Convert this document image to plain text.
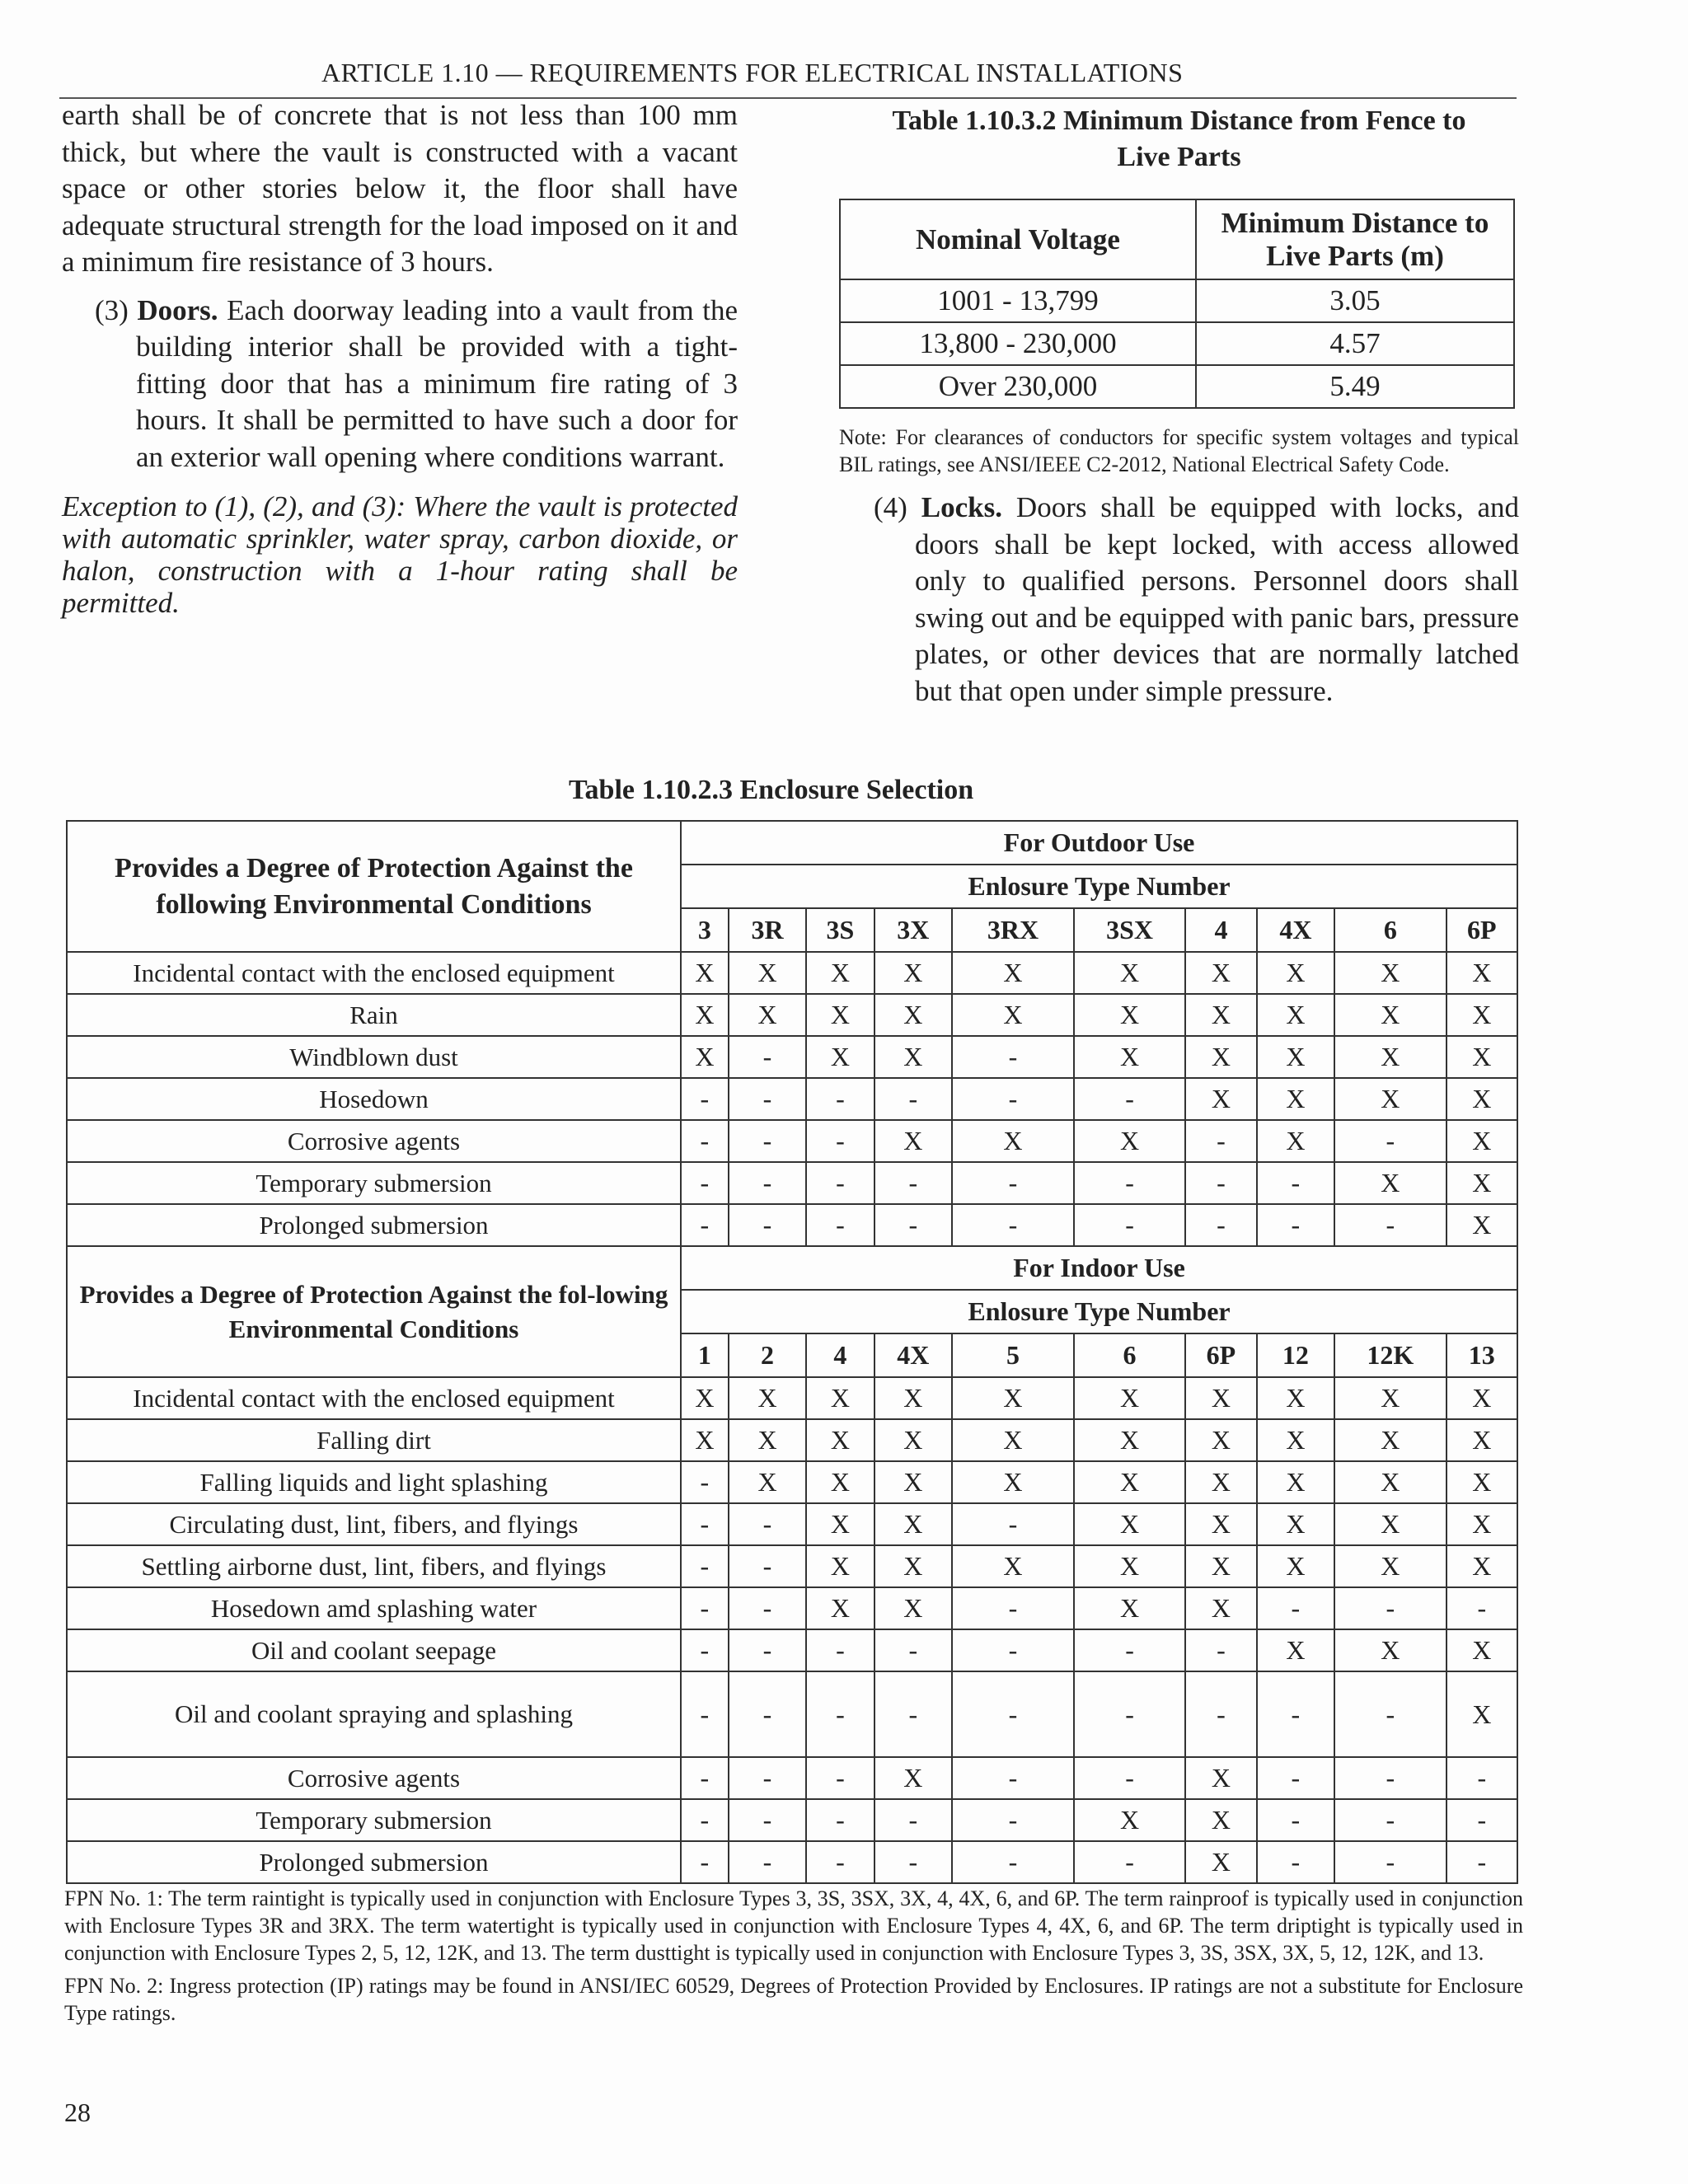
ARTICLE 1.10 — REQUIREMENTS FOR ELECTRICAL INSTALLATIONS

earth shall be of concrete that is not less than 100 mm thick, but where the vault is constructed with a vacant space or other stories below it, the floor shall have adequate structural strength for the load imposed on it and a minimum fire resistance of 3 hours.

(3) Doors. Each doorway leading into a vault from the building interior shall be provided with a tight-fitting door that has a minimum fire rating of 3 hours. It shall be permitted to have such a door for an exterior wall opening where conditions warrant.

Exception to (1), (2), and (3): Where the vault is protected with automatic sprinkler, water spray, carbon dioxide, or halon, construction with a 1-hour rating shall be permitted.

Table 1.10.3.2 Minimum Distance from Fence to
Live Parts
Nominal Voltage	Minimum Distance to Live Parts (m)
1001 - 13,799	3.05
13,800 - 230,000	4.57
Over 230,000	5.49
Note: For clearances of conductors for specific system voltages and typical BIL ratings, see ANSI/IEEE C2-2012, National Electrical Safety Code.
(4) Locks. Doors shall be equipped with locks, and doors shall be kept locked, with access allowed only to qualified persons. Personnel doors shall swing out and be equipped with panic bars, pressure plates, or other devices that are normally latched but that open under simple pressure.
Table 1.10.2.3 Enclosure Selection
Provides a Degree of Protection Against the following Environmental Conditions	For Outdoor Use									
	Enlosure Type Number									
	3	3R	3S	3X	3RX	3SX	4	4X	6	6P
Incidental contact with the enclosed equipment	X	X	X	X	X	X	X	X	X	X
Rain	X	X	X	X	X	X	X	X	X	X
Windblown dust	X	-	X	X	-	X	X	X	X	X
Hosedown	-	-	-	-	-	-	X	X	X	X
Corrosive agents	-	-	-	X	X	X	-	X	-	X
Temporary submersion	-	-	-	-	-	-	-	-	X	X
Prolonged submersion	-	-	-	-	-	-	-	-	-	X
Provides a Degree of Protection Against the fol-lowing Environmental Conditions	For Indoor Use									
	Enlosure Type Number									
	1	2	4	4X	5	6	6P	12	12K	13
Incidental contact with the enclosed equipment	X	X	X	X	X	X	X	X	X	X
Falling dirt	X	X	X	X	X	X	X	X	X	X
Falling liquids and light splashing	-	X	X	X	X	X	X	X	X	X
Circulating dust, lint, fibers, and flyings	-	-	X	X	-	X	X	X	X	X
Settling airborne dust, lint, fibers, and flyings	-	-	X	X	X	X	X	X	X	X
Hosedown amd splashing water	-	-	X	X	-	X	X	-	-	-
Oil and coolant seepage	-	-	-	-	-	-	-	X	X	X
Oil and coolant spraying and splashing	-	-	-	-	-	-	-	-	-	X
Corrosive agents	-	-	-	X	-	-	X	-	-	-
Temporary submersion	-	-	-	-	-	X	X	-	-	-
Prolonged submersion	-	-	-	-	-	-	X	-	-	-
FPN No. 1: The term raintight is typically used in conjunction with Enclosure Types 3, 3S, 3SX, 3X, 4, 4X, 6, and 6P. The term rainproof is typically used in conjunction with Enclosure Types 3R and 3RX. The term watertight is typically used in conjunction with Enclosure Types 4, 4X, 6, and 6P. The term driptight is typically used in conjunction with Enclosure Types 2, 5, 12, 12K, and 13. The term dusttight is typically used in conjunction with Enclosure Types 3, 3S, 3SX, 3X, 5, 12, 12K, and 13.
FPN No. 2: Ingress protection (IP) ratings may be found in ANSI/IEC 60529, Degrees of Protection Provided by Enclosures. IP ratings are not a substitute for Enclosure Type ratings.
28
